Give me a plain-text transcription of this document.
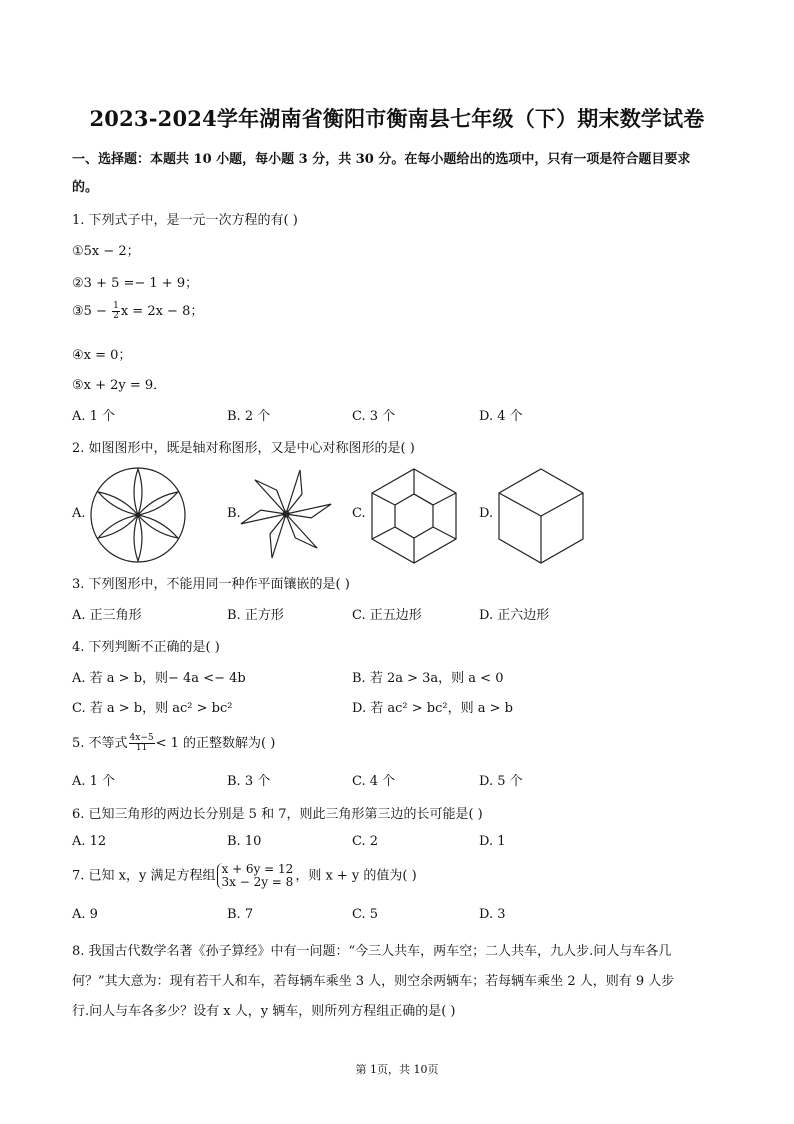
2023-2024学年湖南省衡阳市衡南县七年级（下）期末数学试卷
一、选择题：本题共 10 小题，每小题 3 分，共 30 分。在每小题给出的选项中，只有一项是符合题目要求
的。
1. 下列式子中，是一元一次方程的有( )
①5x − 2；
②3 + 5 =− 1 + 9；
③5 − $\frac{1}{2}$ x = 2x − 8；
④x = 0；
⑤x + 2y = 9．
A. 1 个	B. 2 个	C. 3 个	D. 4 个
2. 如图图形中，既是轴对称图形，又是中心对称图形的是( )
A.	B.	C.	D.
3. 下列图形中，不能用同一种作平面镶嵌的是( )
A. 正三角形	B. 正方形	C. 正五边形	D. 正六边形
4. 下列判断不正确的是( )
A. 若 a > b，则− 4a <− 4b	B. 若 2a > 3a，则 a < 0
C. 若 a > b，则 ac² > bc²	D. 若 ac² > bc²，则 a > b
5. 不等式 $\frac{4x-5}{11} < 1$ 的正整数解为( )
A. 1 个	B. 3 个	C. 4 个	D. 5 个
6. 已知三角形的两边长分别是 5 和 7，则此三角形第三边的长可能是( )
A. 12	B. 10	C. 2	D. 1
7. 已知 x，y 满足方程组 x + 6y = 12
3x − 2y = 8 ，则 x + y 的值为( )
A. 9	B. 7	C. 5	D. 3
8. 我国古代数学名著《孙子算经》中有一问题：“今三人共车，两车空；二人共车，九人步.问人与车各几
何？”其大意为：现有若干人和车，若每辆车乘坐 3 人，则空余两辆车；若每辆车乘坐 2 人，则有 9 人步
行.问人与车各多少？设有 x 人，y 辆车，则所列方程组正确的是( )
第 1页，共 10页
